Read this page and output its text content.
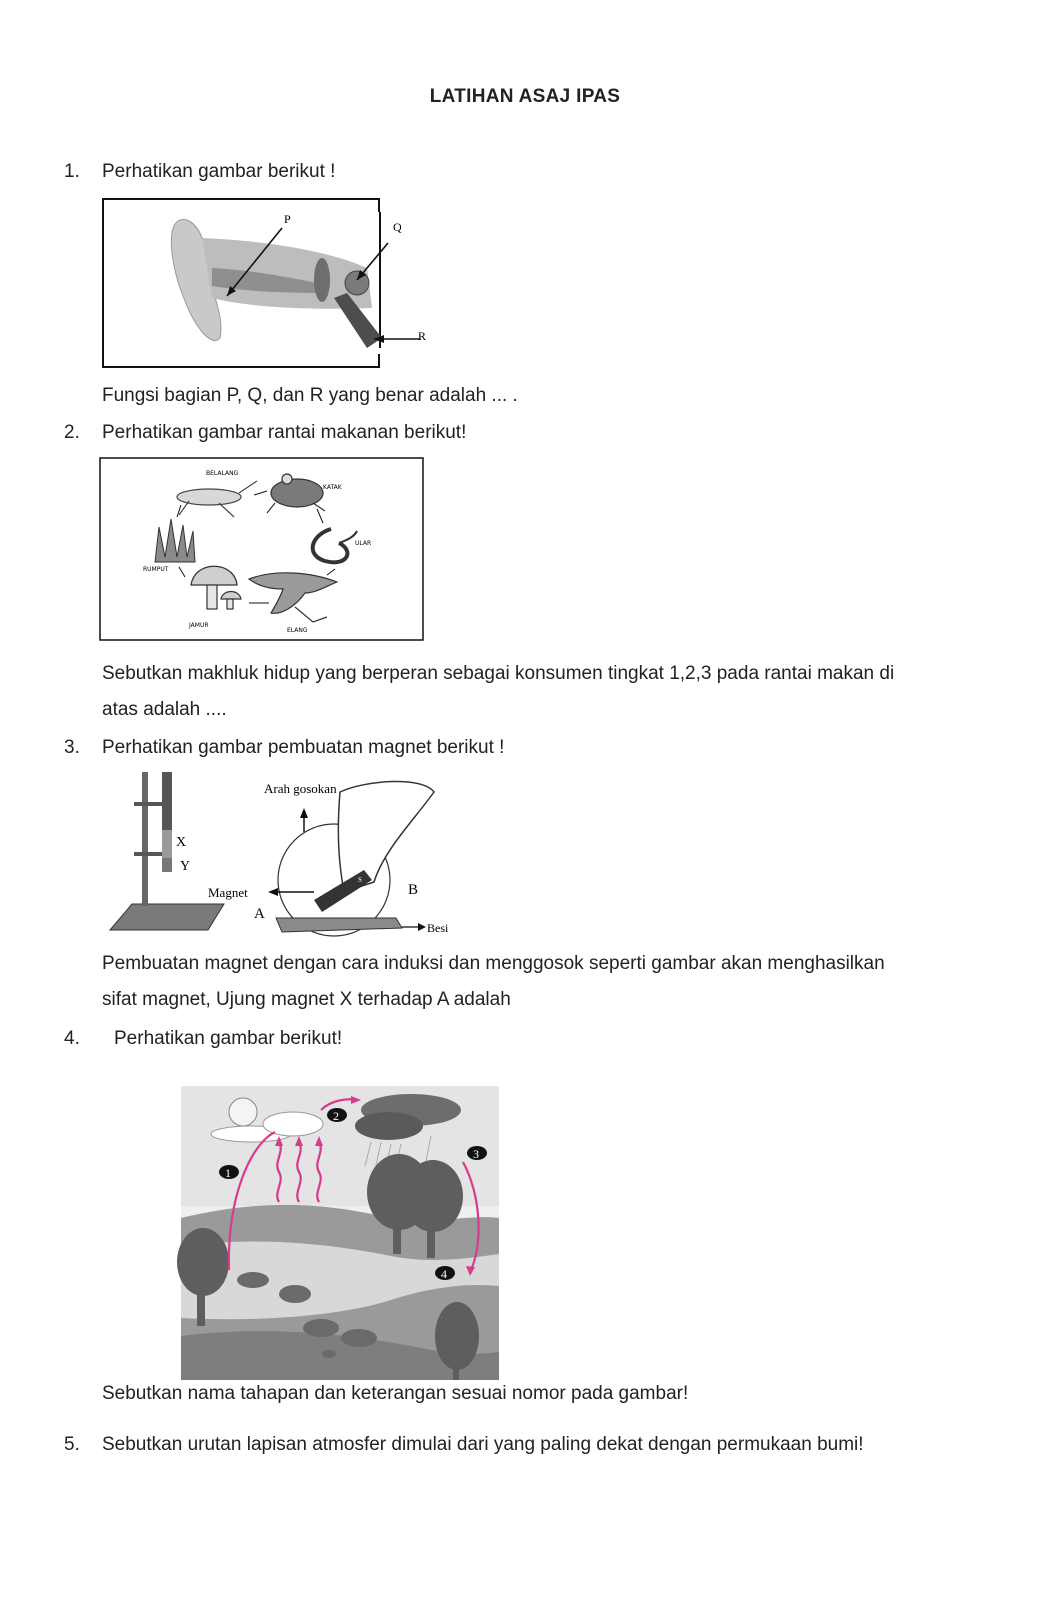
LATIHAN ASAJ IPAS
1.	Perhatikan gambar berikut !
P
Q
R
Fungsi bagian P, Q, dan R yang benar adalah ... .
2.	Perhatikan gambar rantai makanan berikut!
BELALANG
KATAK
ULAR
ELANG
JAMUR
RUMPUT
Sebutkan makhluk hidup yang berperan sebagai konsumen tingkat 1,2,3 pada rantai makan di
atas adalah ....
3.	Perhatikan gambar pembuatan magnet berikut !
X
Y
Arah gosokan
U
S
Magnet
A
B
Besi
Pembuatan magnet dengan cara induksi dan menggosok seperti gambar akan menghasilkan
sifat magnet, Ujung magnet X terhadap A adalah
4.	Perhatikan gambar berikut!
1
2
3
4
Sebutkan nama tahapan dan keterangan sesuai nomor pada gambar!
5.	Sebutkan urutan lapisan atmosfer dimulai dari yang paling dekat dengan permukaan bumi!
